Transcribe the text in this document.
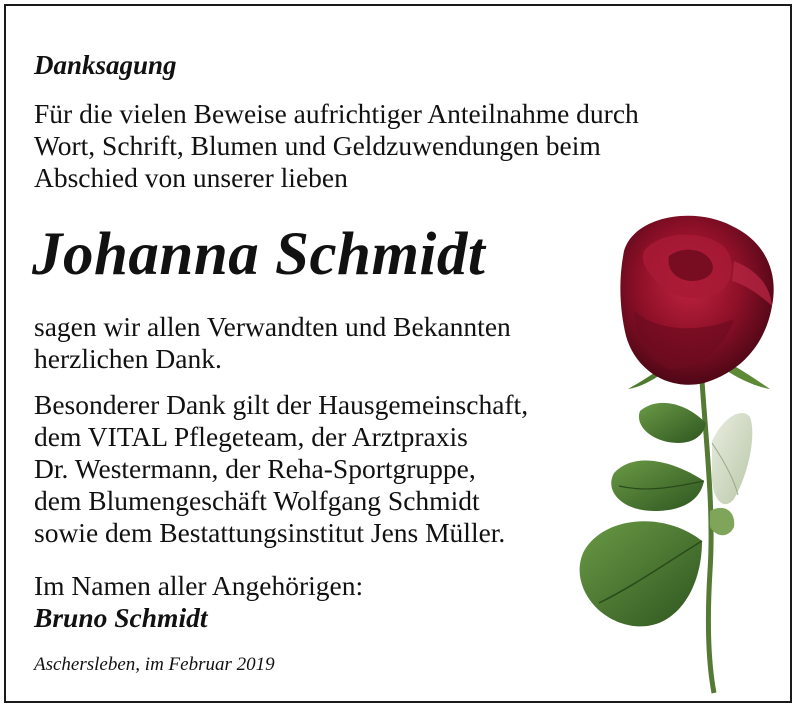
Danksagung
Für die vielen Beweise aufrichtiger Anteilnahme durch
Wort, Schrift, Blumen und Geldzuwendungen beim
Abschied von unserer lieben
Johanna Schmidt
sagen wir allen Verwandten und Bekannten
herzlichen Dank.
Besonderer Dank gilt der Hausgemeinschaft,
dem VITAL Pflegeteam, der Arztpraxis
Dr. Westermann, der Reha-Sportgruppe,
dem Blumengeschäft Wolfgang Schmidt
sowie dem Bestattungsinstitut Jens Müller.
Im Namen aller Angehörigen:
Bruno Schmidt
Aschersleben, im Februar 2019
